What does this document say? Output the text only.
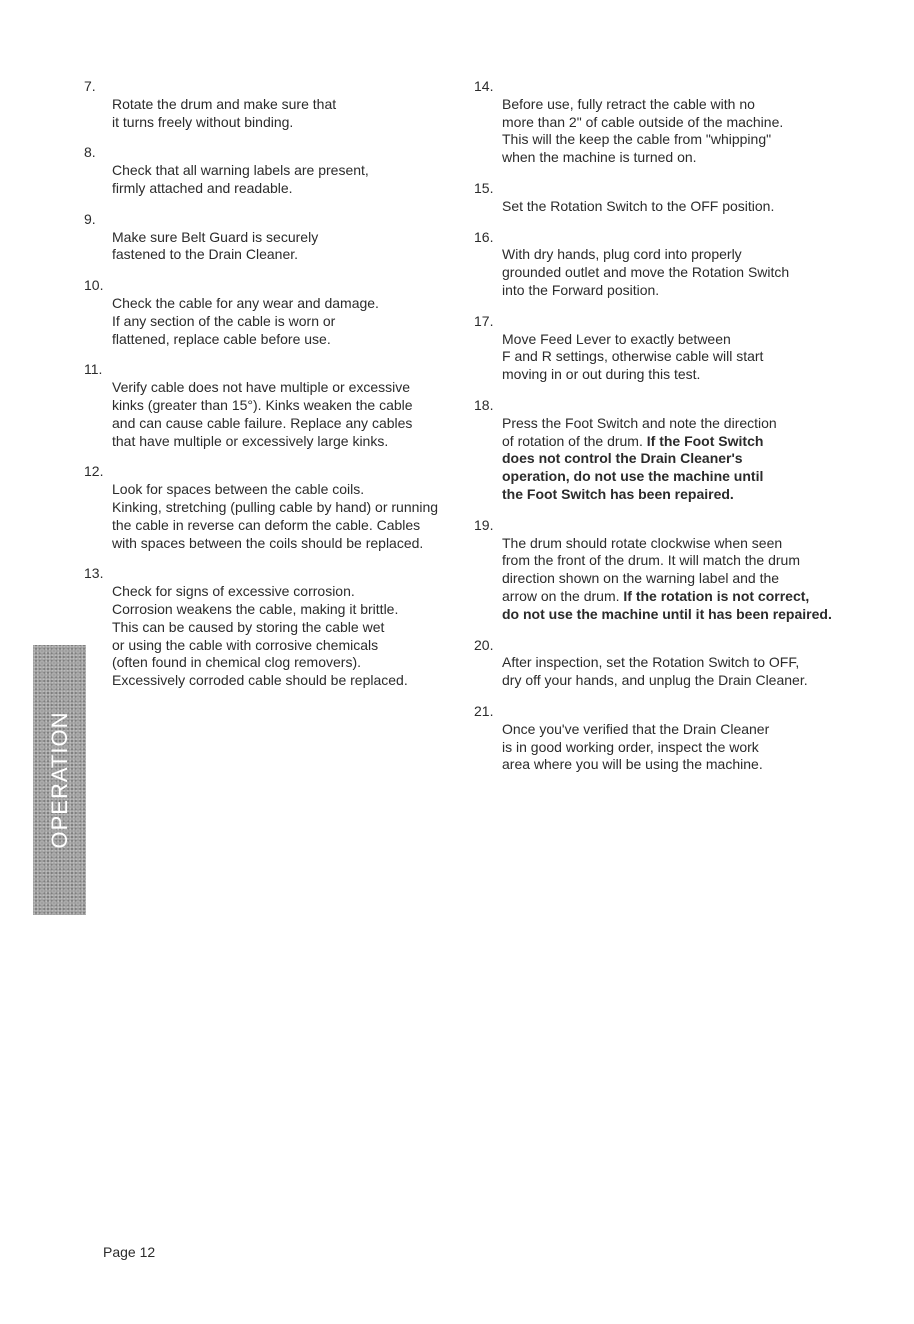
7.
Rotate the drum and make sure that
it turns freely without binding.

8.
Check that all warning labels are present,
firmly attached and readable.

9.
Make sure Belt Guard is securely
fastened to the Drain Cleaner.

10.
Check the cable for any wear and damage.
If any section of the cable is worn or
flattened, replace cable before use.

11.
Verify cable does not have multiple or excessive
kinks (greater than 15°). Kinks weaken the cable
and can cause cable failure. Replace any cables
that have multiple or excessively large kinks.

12.
Look for spaces between the cable coils.
Kinking, stretching (pulling cable by hand) or running
the cable in reverse can deform the cable. Cables
with spaces between the coils should be replaced.

13.
Check for signs of excessive corrosion.
Corrosion weakens the cable, making it brittle.
This can be caused by storing the cable wet
or using the cable with corrosive chemicals
(often found in chemical clog removers).
Excessively corroded cable should be replaced.

14.
Before use, fully retract the cable with no
more than 2" of cable outside of the machine.
This will the keep the cable from "whipping"
when the machine is turned on.

15.
Set the Rotation Switch to the OFF position.

16.
With dry hands, plug cord into properly
grounded outlet and move the Rotation Switch
into the Forward position.

17.
Move Feed Lever to exactly between
F and R settings, otherwise cable will start
moving in or out during this test.

18.
Press the Foot Switch and note the direction
of rotation of the drum. If the Foot Switch
does not control the Drain Cleaner's
operation, do not use the machine until
the Foot Switch has been repaired.

19.
The drum should rotate clockwise when seen
from the front of the drum. It will match the drum
direction shown on the warning label and the
arrow on the drum. If the rotation is not correct,
do not use the machine until it has been repaired.

20.
After inspection, set the Rotation Switch to OFF,
dry off your hands, and unplug the Drain Cleaner.

21.
Once you've verified that the Drain Cleaner
is in good working order, inspect the work
area where you will be using the machine.

OPERATION
Page 12
